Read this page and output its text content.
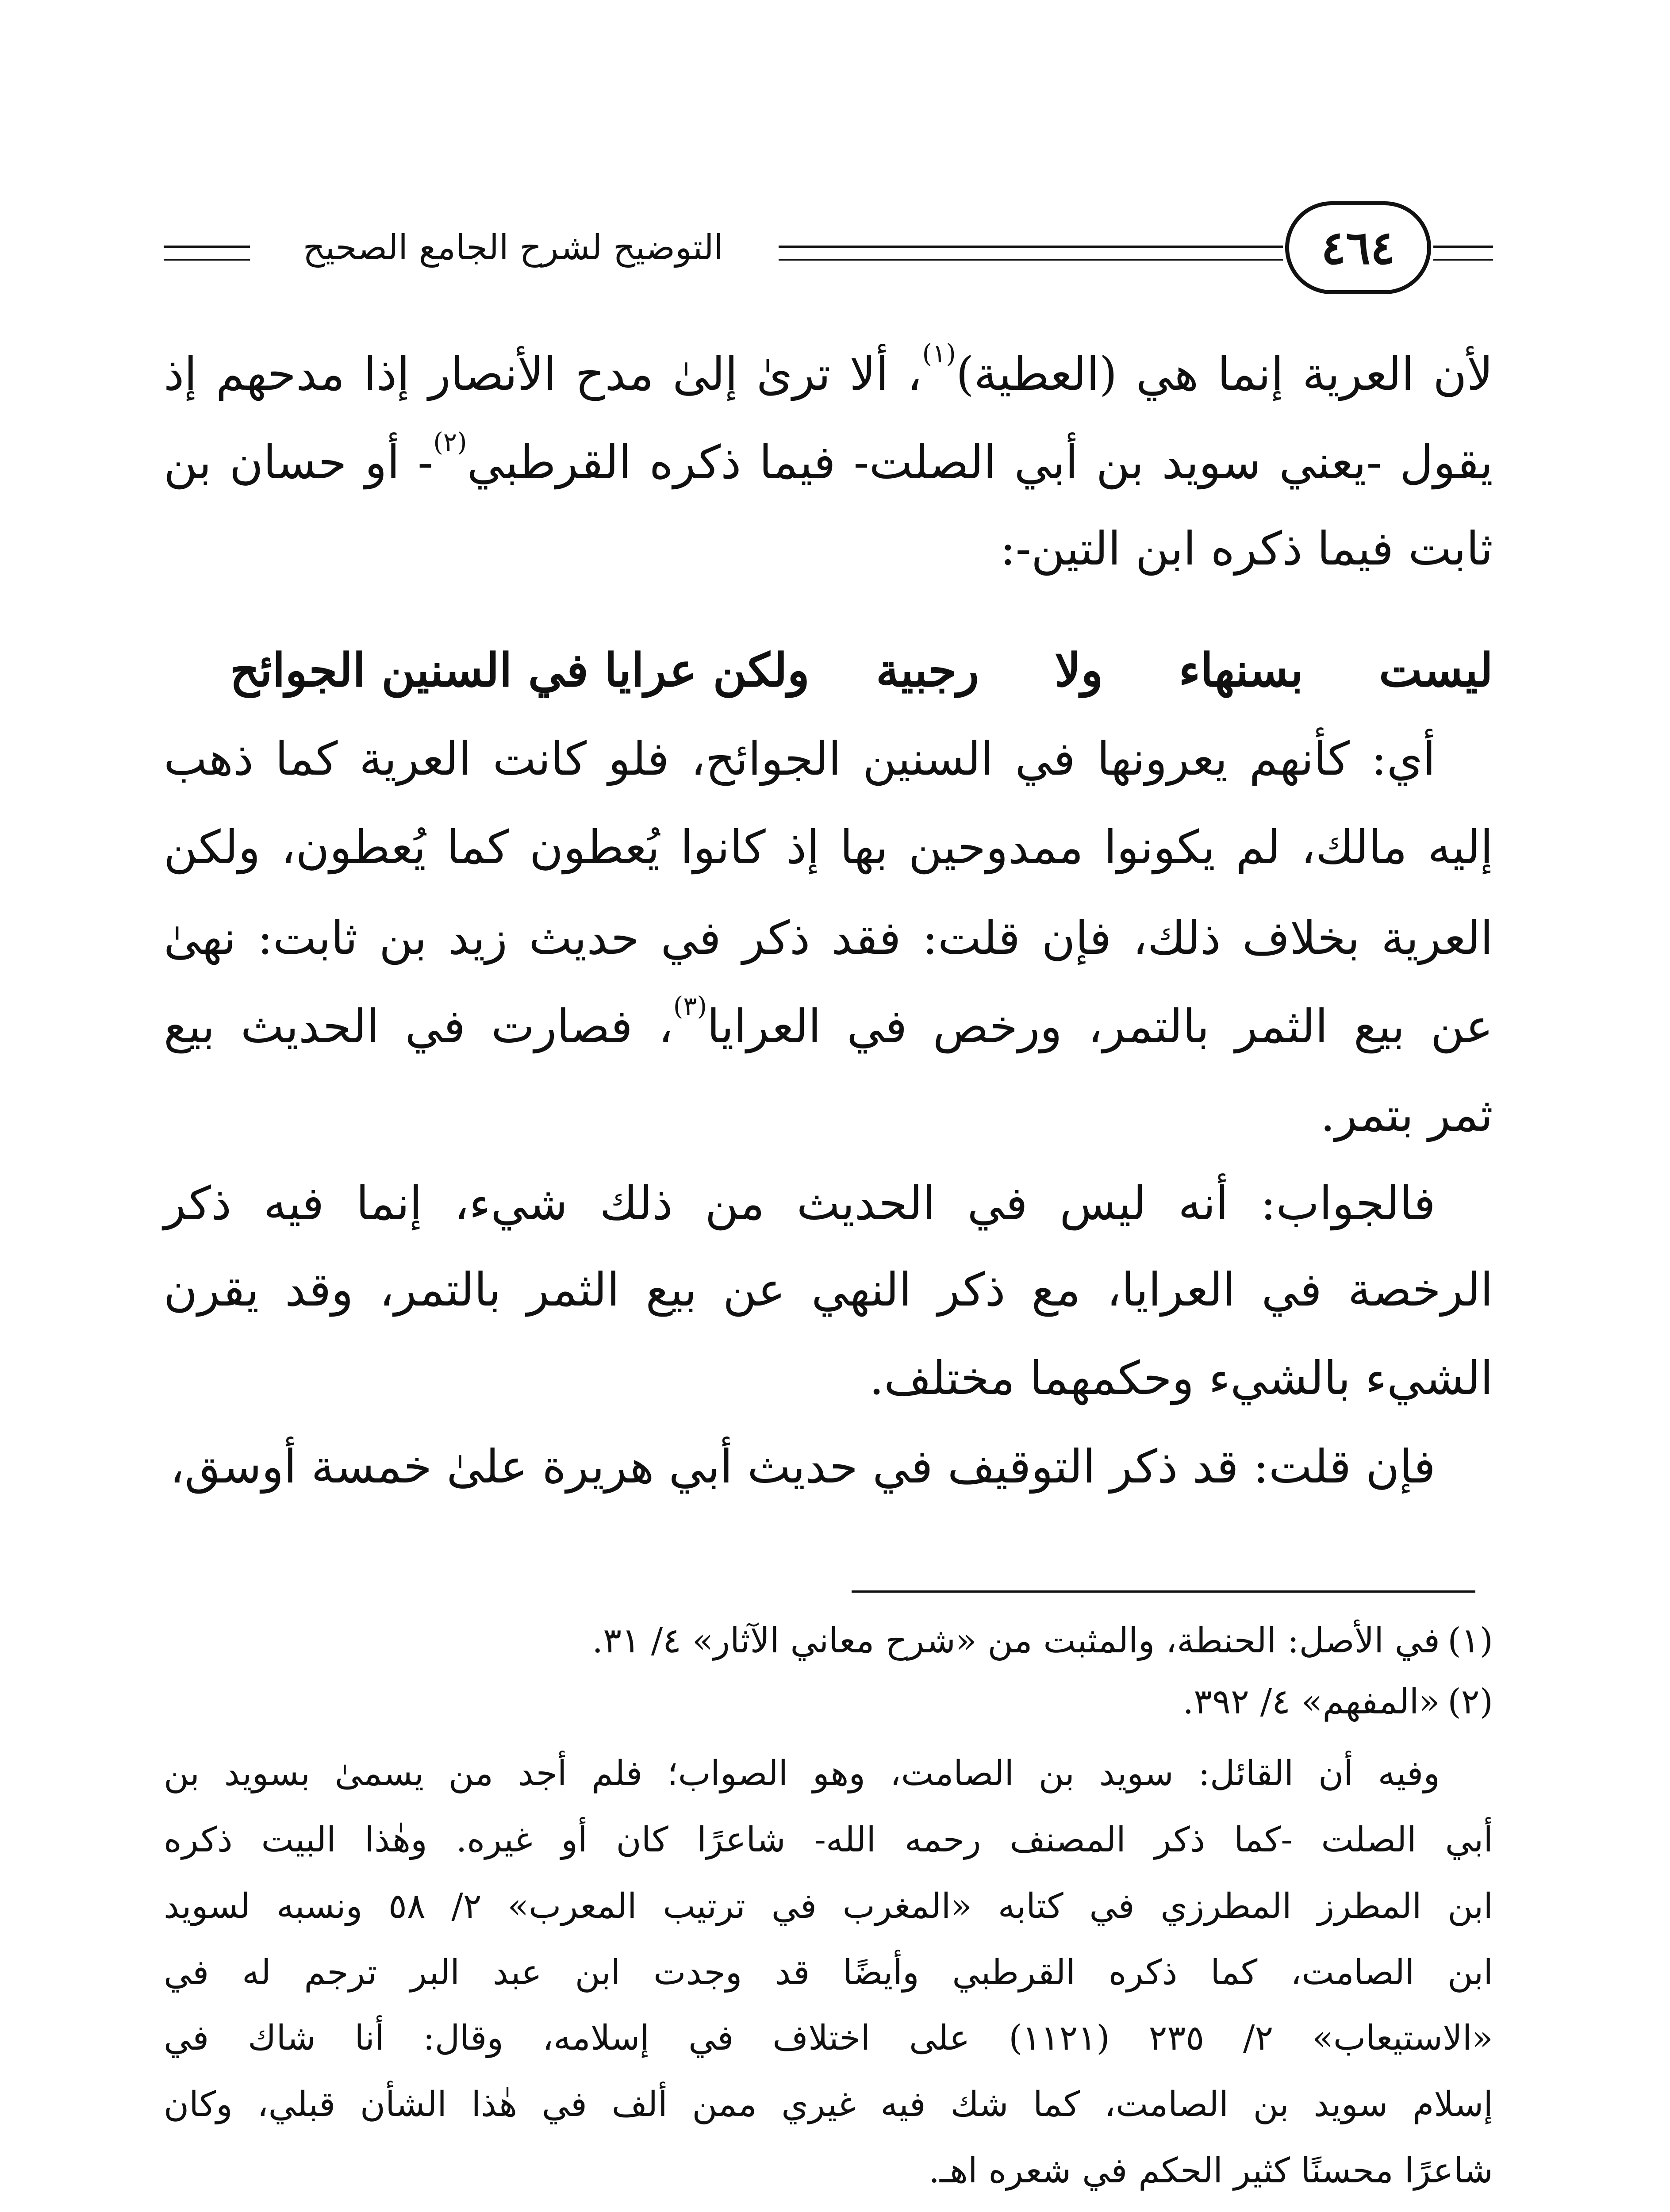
التوضيح لشرح الجامع الصحيح	٤٦٤
لأن العرية إنما هي (العطية)$^{(١)}$، ألا ترىٰ إلىٰ مدح الأنصار إذا مدحهم إذ
يقول -يعني سويد بن أبي الصلت- فيما ذكره القرطبي$^{(٢)}$- أو حسان بن
ثابت فيما ذكره ابن التين-:
ليست بسنهاء ولا رجبية
ولكن عرايا في السنين الجوائح
أي: كأنهم يعرونها في السنين الجوائح، فلو كانت العرية كما ذهب
إليه مالك، لم يكونوا ممدوحين بها إذ كانوا يُعطون كما يُعطون، ولكن
العرية بخلاف ذلك، فإن قلت: فقد ذكر في حديث زيد بن ثابت: نهىٰ
عن بيع الثمر بالتمر، ورخص في العرايا$^{(٣)}$، فصارت في الحديث بيع
ثمر بتمر.
فالجواب: أنه ليس في الحديث من ذلك شيء، إنما فيه ذكر
الرخصة في العرايا، مع ذكر النهي عن بيع الثمر بالتمر، وقد يقرن
الشيء بالشيء وحكمهما مختلف.
فإن قلت: قد ذكر التوقيف في حديث أبي هريرة علىٰ خمسة أوسق،
(١)
في الأصل: الحنطة، والمثبت من «شرح معاني الآثار» ٤/ ٣١.
(٢)
«المفهم» ٤/ ٣٩٢.
وفيه أن القائل: سويد بن الصامت، وهو الصواب؛ فلم أجد من يسمىٰ بسويد بن
أبي الصلت -كما ذكر المصنف رحمه الله- شاعرًا كان أو غيره. وهٰذا البيت ذكره
ابن المطرز المطرزي في كتابه «المغرب في ترتيب المعرب» ٢/ ٥٨ ونسبه لسويد
ابن الصامت، كما ذكره القرطبي وأيضًا قد وجدت ابن عبد البر ترجم له في
«الاستيعاب» ٢/ ٢٣٥ (١١٢١) على اختلاف في إسلامه، وقال: أنا شاك في
إسلام سويد بن الصامت، كما شك فيه غيري ممن ألف في هٰذا الشأن قبلي، وكان
شاعرًا محسنًا كثير الحكم في شعره اهـ.
